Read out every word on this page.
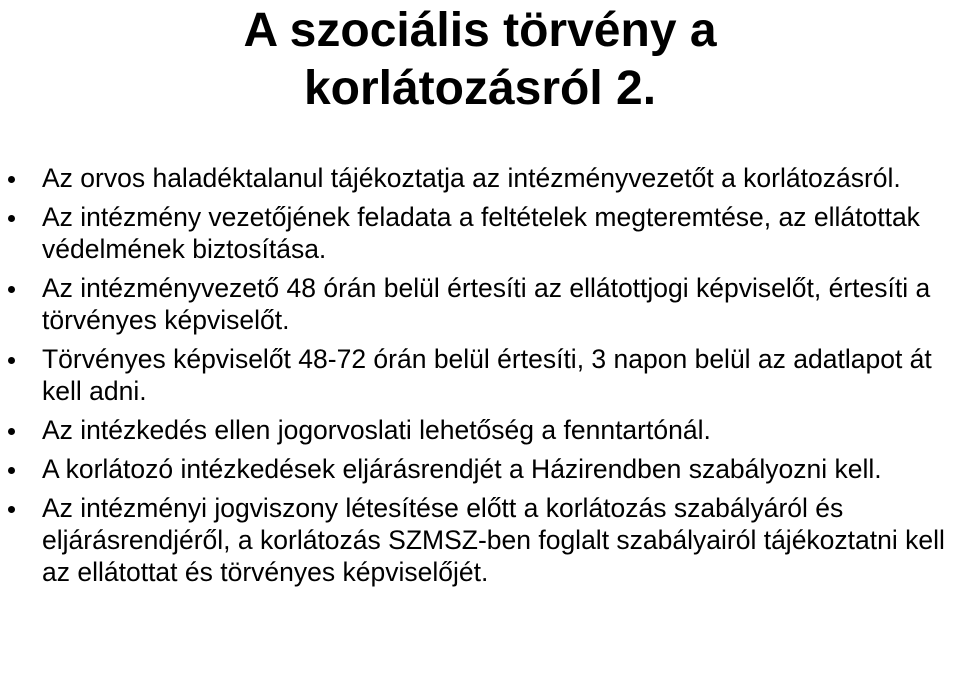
A szociális törvény a
korlátozásról 2.
Az orvos haladéktalanul tájékoztatja az intézményvezetőt a korlátozásról.
Az intézmény vezetőjének feladata a feltételek megteremtése, az ellátottak védelmének biztosítása.
Az intézményvezető 48 órán belül értesíti az ellátottjogi képviselőt, értesíti a törvényes képviselőt.
Törvényes képviselőt 48-72 órán belül értesíti, 3 napon belül az adatlapot át kell adni.
Az intézkedés ellen jogorvoslati lehetőség a fenntartónál.
A korlátozó intézkedések eljárásrendjét a Házirendben szabályozni kell.
Az intézményi jogviszony létesítése előtt a korlátozás szabályáról és eljárásrendjéről, a korlátozás SZMSZ-ben foglalt szabályairól tájékoztatni kell az ellátottat és törvényes képviselőjét.
